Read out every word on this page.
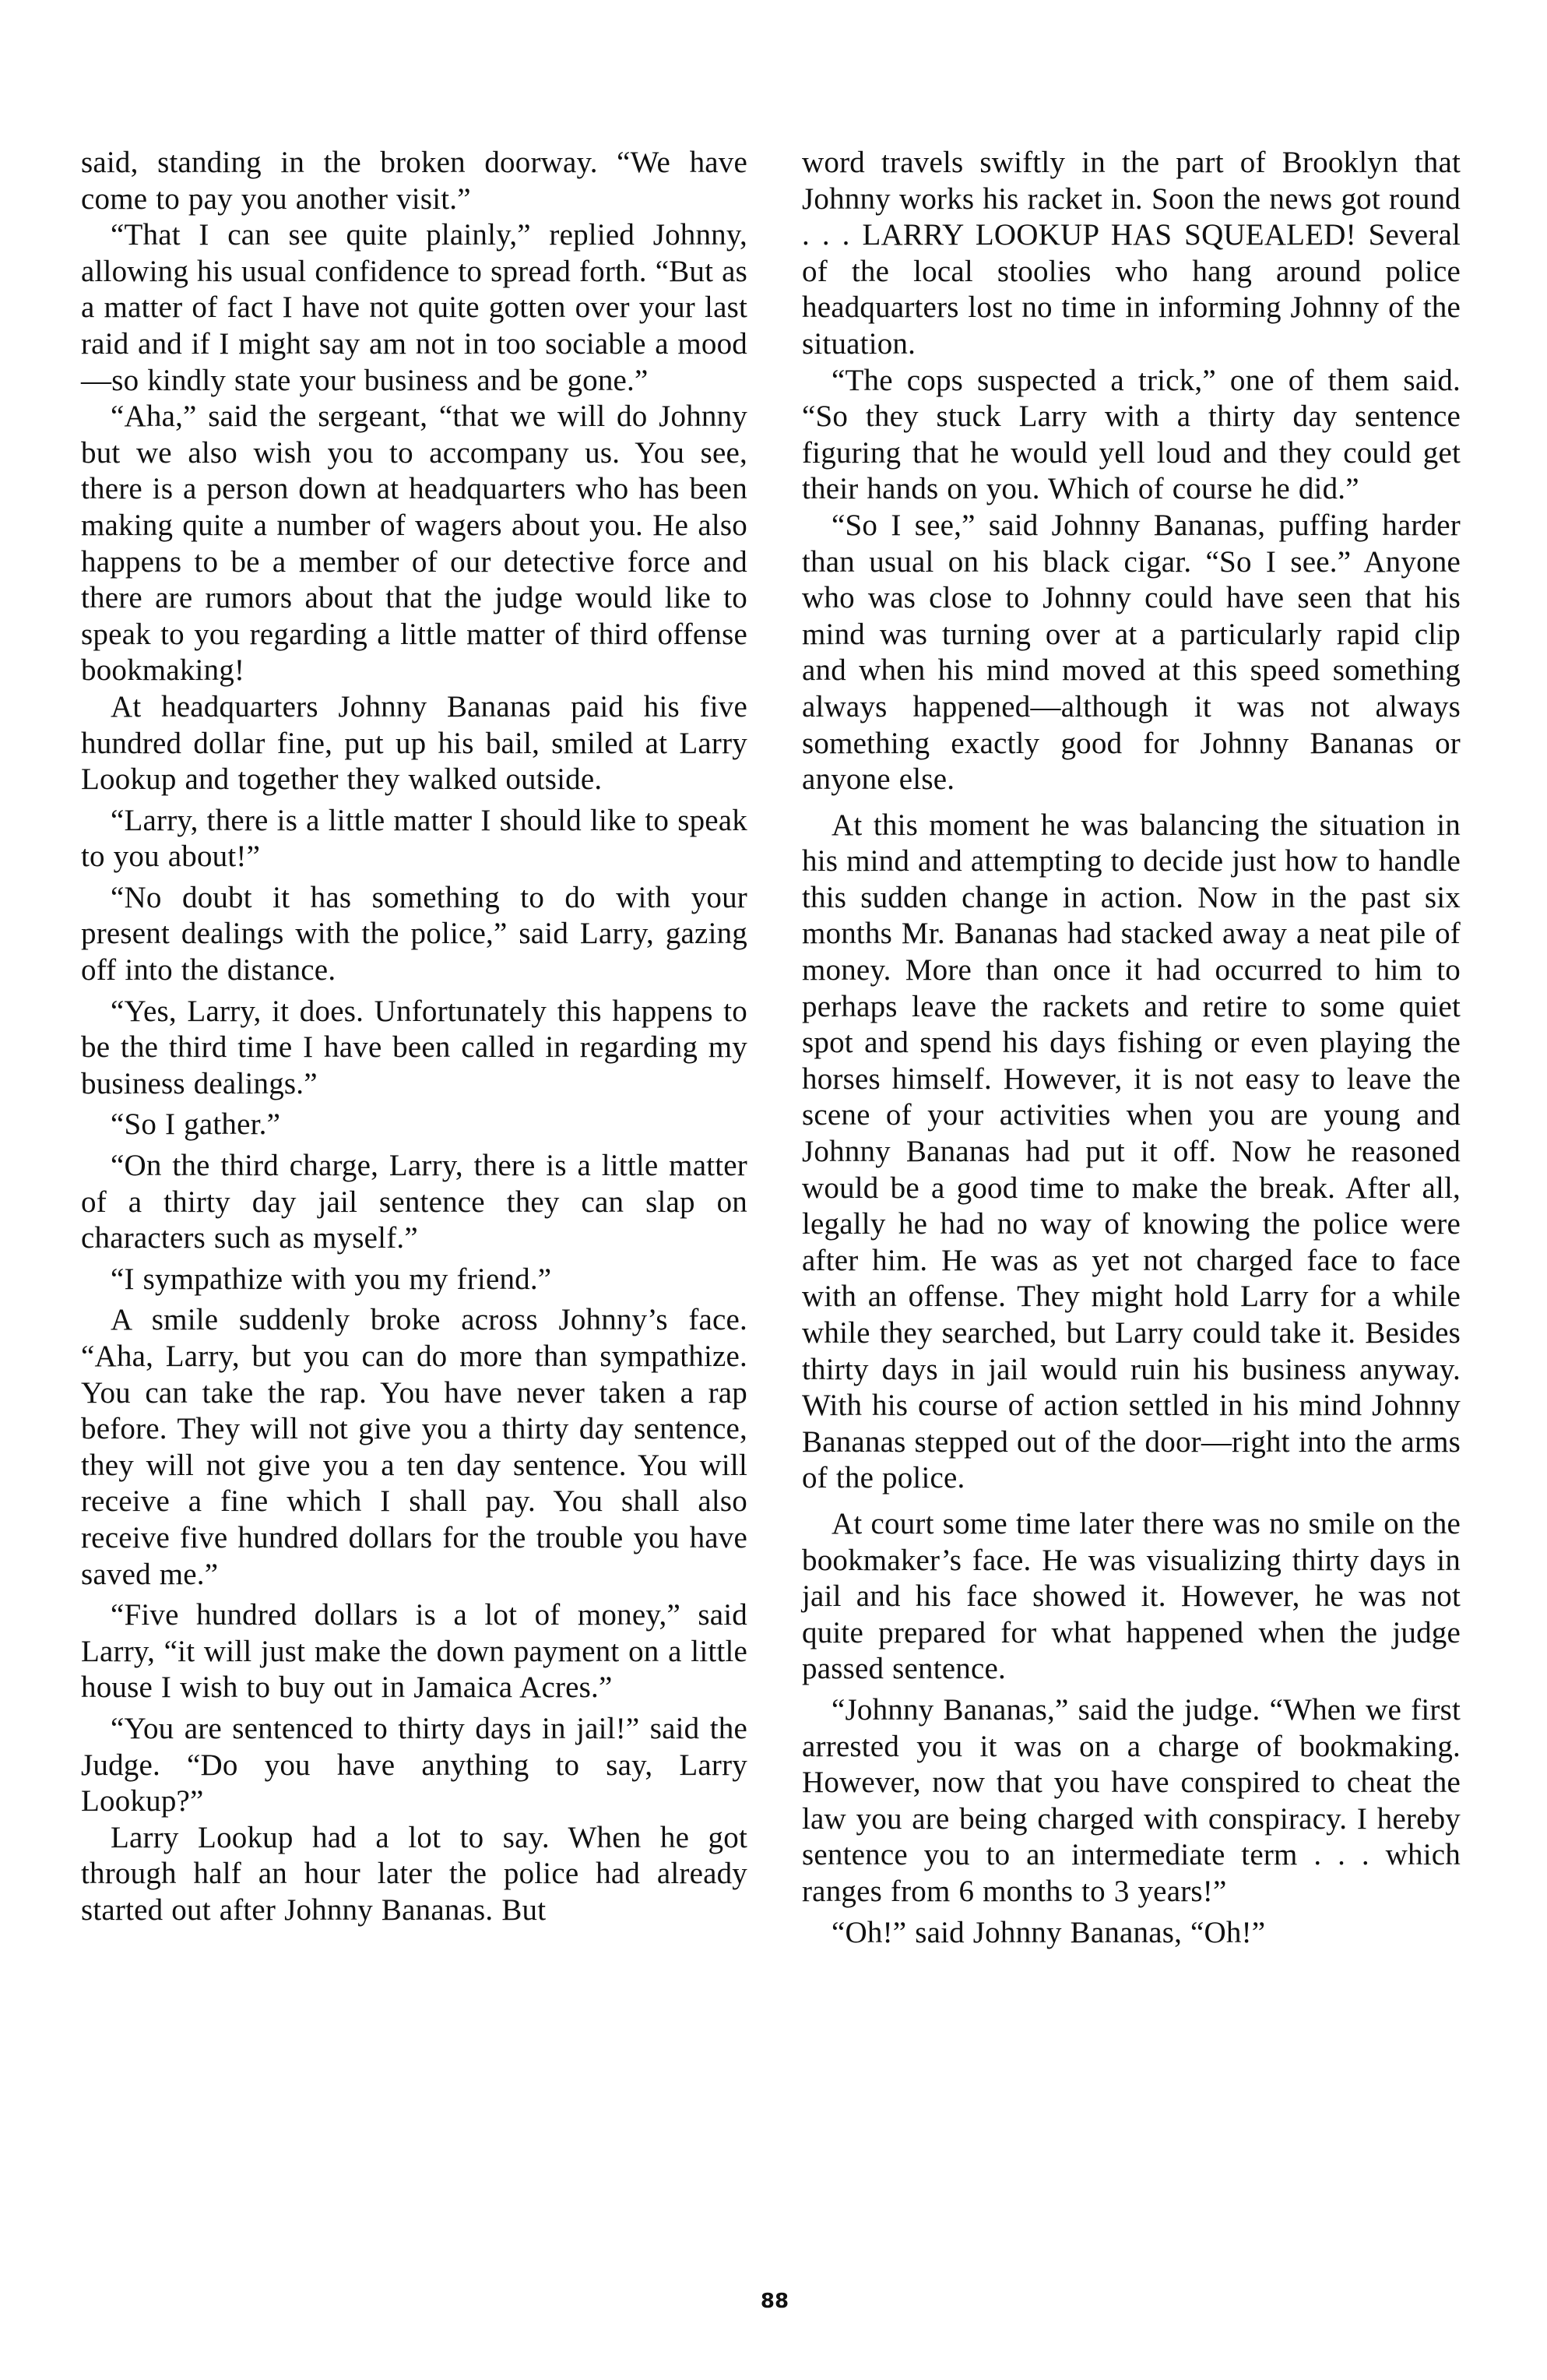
said, standing in the broken doorway. “We have come to pay you another visit.”

“That I can see quite plainly,” replied Johnny, allowing his usual confidence to spread forth. “But as a matter of fact I have not quite gotten over your last raid and if I might say am not in too sociable a mood—so kindly state your business and be gone.”

“Aha,” said the sergeant, “that we will do Johnny but we also wish you to accompany us. You see, there is a person down at headquarters who has been making quite a number of wagers about you. He also happens to be a member of our detective force and there are rumors about that the judge would like to speak to you regarding a little matter of third offense bookmaking!

At headquarters Johnny Bananas paid his five hundred dollar fine, put up his bail, smiled at Larry Lookup and together they walked outside.

“Larry, there is a little matter I should like to speak to you about!”

“No doubt it has something to do with your present dealings with the police,” said Larry, gazing off into the distance.

“Yes, Larry, it does. Unfortunately this happens to be the third time I have been called in regarding my business dealings.”

“So I gather.”

“On the third charge, Larry, there is a little matter of a thirty day jail sentence they can slap on characters such as myself.”

“I sympathize with you my friend.”

A smile suddenly broke across Johnny’s face. “Aha, Larry, but you can do more than sympathize. You can take the rap. You have never taken a rap before. They will not give you a thirty day sentence, they will not give you a ten day sentence. You will receive a fine which I shall pay. You shall also receive five hundred dollars for the trouble you have saved me.”

“Five hundred dollars is a lot of money,” said Larry, “it will just make the down payment on a little house I wish to buy out in Jamaica Acres.”

“You are sentenced to thirty days in jail!” said the Judge. “Do you have anything to say, Larry Lookup?”

Larry Lookup had a lot to say. When he got through half an hour later the police had already started out after Johnny Bananas. But

word travels swiftly in the part of Brooklyn that Johnny works his racket in. Soon the news got round . . . LARRY LOOKUP HAS SQUEALED! Several of the local stoolies who hang around police headquarters lost no time in informing Johnny of the situation.

“The cops suspected a trick,” one of them said. “So they stuck Larry with a thirty day sentence figuring that he would yell loud and they could get their hands on you. Which of course he did.”

“So I see,” said Johnny Bananas, puffing harder than usual on his black cigar. “So I see.” Anyone who was close to Johnny could have seen that his mind was turning over at a particularly rapid clip and when his mind moved at this speed something always happened—although it was not always something exactly good for Johnny Bananas or anyone else.

At this moment he was balancing the situation in his mind and attempting to decide just how to handle this sudden change in action. Now in the past six months Mr. Bananas had stacked away a neat pile of money. More than once it had occurred to him to perhaps leave the rackets and retire to some quiet spot and spend his days fishing or even playing the horses himself. However, it is not easy to leave the scene of your activities when you are young and Johnny Bananas had put it off. Now he reasoned would be a good time to make the break. After all, legally he had no way of knowing the police were after him. He was as yet not charged face to face with an offense. They might hold Larry for a while while they searched, but Larry could take it. Besides thirty days in jail would ruin his business anyway. With his course of action settled in his mind Johnny Bananas stepped out of the door—right into the arms of the police.

At court some time later there was no smile on the bookmaker’s face. He was visualizing thirty days in jail and his face showed it. However, he was not quite prepared for what happened when the judge passed sentence.

“Johnny Bananas,” said the judge. “When we first arrested you it was on a charge of bookmaking. However, now that you have conspired to cheat the law you are being charged with conspiracy. I hereby sentence you to an intermediate term . . . which ranges from 6 months to 3 years!”

“Oh!” said Johnny Bananas, “Oh!”

88
